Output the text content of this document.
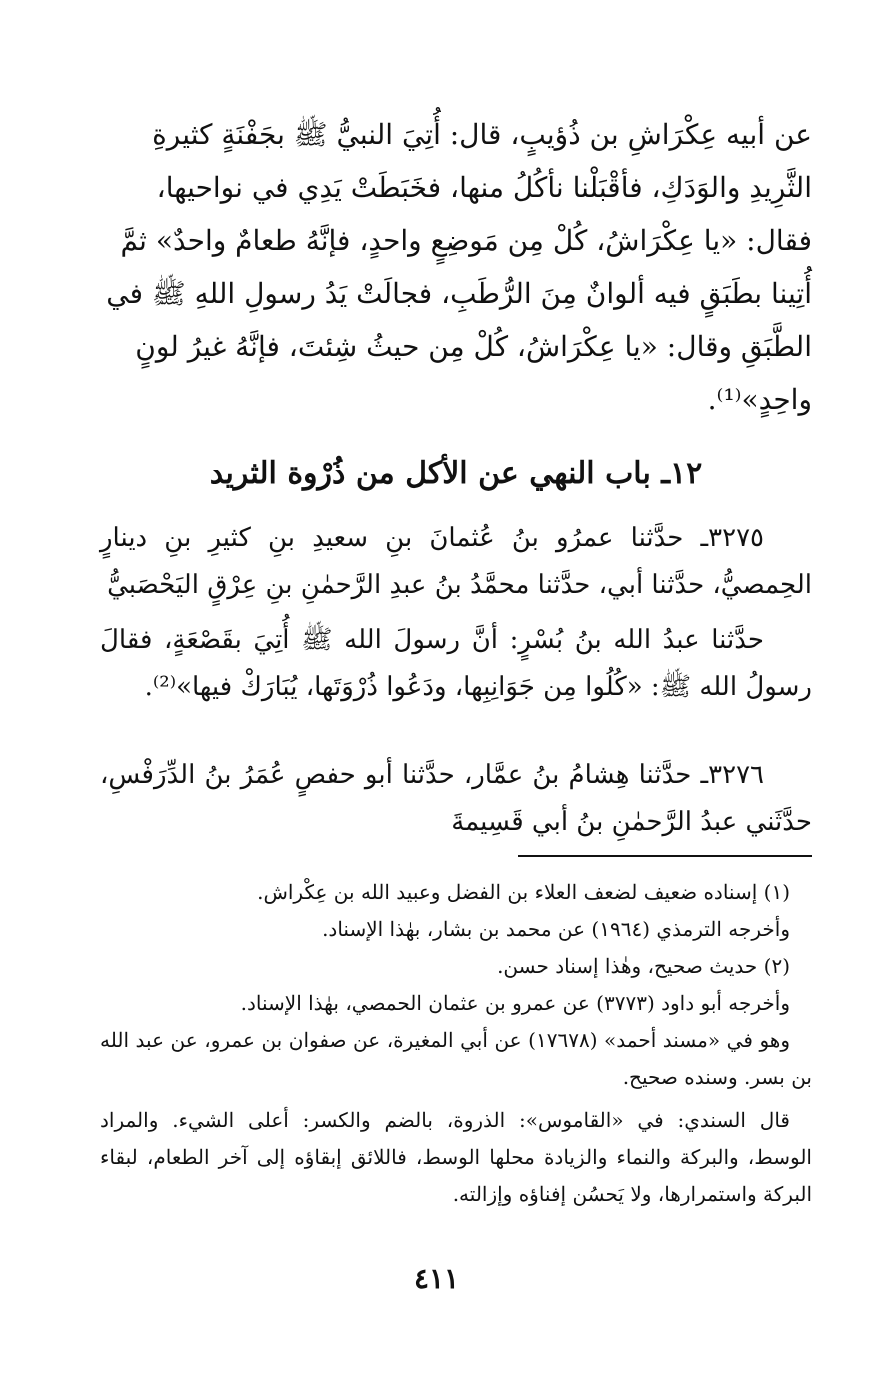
عن أبيه عِكْرَاشِ بن ذُؤيبٍ، قال: أُتِيَ النبيُّ ﷺ بجَفْنَةٍ كثيرةِ

الثَّرِيدِ والوَدَكِ، فأقْبَلْنا نأكُلُ منها، فخَبَطَتْ يَدِي في نواحيها،

فقال: «يا عِكْرَاشُ، كُلْ مِن مَوضِعٍ واحدٍ، فإنَّهُ طعامٌ واحدٌ» ثمَّ

أُتِينا بطَبَقٍ فيه ألوانٌ مِنَ الرُّطَبِ، فجالَتْ يَدُ رسولِ اللهِ ﷺ في

الطَّبَقِ وقال: «يا عِكْرَاشُ، كُلْ مِن حيثُ شِئتَ، فإنَّهُ غيرُ لونٍ

واحِدٍ»⁽¹⁾.

١٢ـ باب النهي عن الأكل من ذُرْوة الثريد

٣٢٧٥ـ حدَّثنا عمرُو بنُ عُثمانَ بنِ سعيدِ بنِ كثيرِ بنِ دينارٍ الحِمصيُّ، حدَّثنا أبي، حدَّثنا محمَّدُ بنُ عبدِ الرَّحمٰنِ بنِ عِرْقٍ اليَحْصَبيُّ

حدَّثنا عبدُ الله بنُ بُسْرٍ: أنَّ رسولَ الله ﷺ أُتِيَ بقَصْعَةٍ، فقالَ رسولُ الله ﷺ: «كُلُوا مِن جَوَانِبِها، ودَعُوا ذُرْوَتَها، يُبَارَكْ فيها»⁽²⁾.

٣٢٧٦ـ حدَّثنا هِشامُ بنُ عمَّار، حدَّثنا أبو حفصٍ عُمَرُ بنُ الدِّرَفْسِ، حدَّثَني عبدُ الرَّحمٰنِ بنُ أبي قَسِيمةَ

(١) إسناده ضعيف لضعف العلاء بن الفضل وعبيد الله بن عِكْراش.

وأخرجه الترمذي (١٩٦٤) عن محمد بن بشار، بهٰذا الإسناد.

(٢) حديث صحيح، وهٰذا إسناد حسن.

وأخرجه أبو داود (٣٧٧٣) عن عمرو بن عثمان الحمصي، بهٰذا الإسناد.

وهو في «مسند أحمد» (١٧٦٧٨) عن أبي المغيرة، عن صفوان بن عمرو، عن عبد الله بن بسر. وسنده صحيح.

قال السندي: في «القاموس»: الذروة، بالضم والكسر: أعلى الشيء. والمراد الوسط، والبركة والنماء والزيادة محلها الوسط، فاللائق إبقاؤه إلى آخر الطعام، لبقاء البركة واستمرارها، ولا يَحسُن إفناؤه وإزالته.

٤١١
